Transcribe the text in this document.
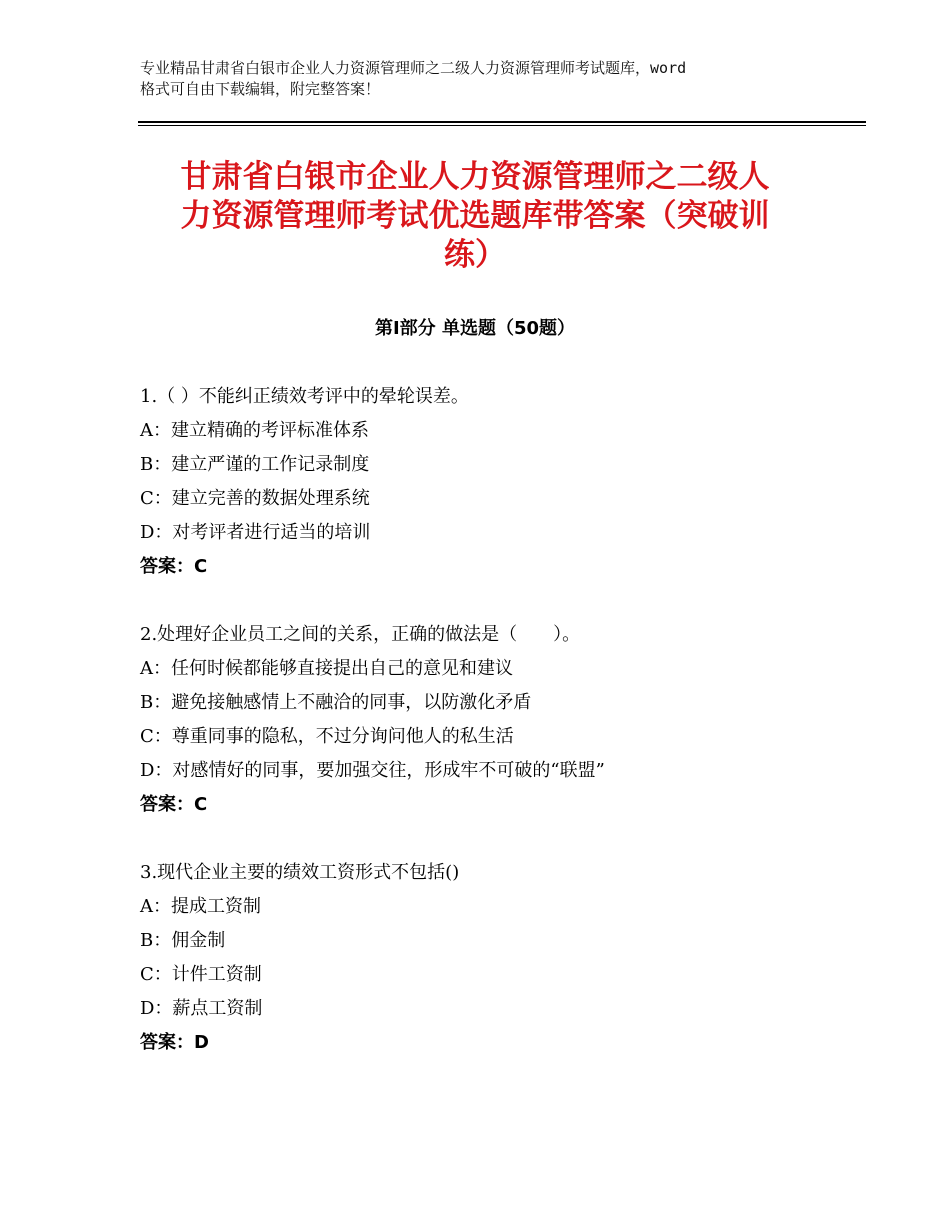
专业精品甘肃省白银市企业人力资源管理师之二级人力资源管理师考试题库，word
格式可自由下载编辑，附完整答案！
甘肃省白银市企业人力资源管理师之二级人
力资源管理师考试优选题库带答案（突破训
练）
第Ⅰ部分 单选题（50题）
1.（ ）不能纠正绩效考评中的晕轮误差。
A：建立精确的考评标准体系
B：建立严谨的工作记录制度
C：建立完善的数据处理系统
D：对考评者进行适当的培训
答案：C
2.处理好企业员工之间的关系，正确的做法是（　　）。
A：任何时候都能够直接提出自己的意见和建议
B：避免接触感情上不融洽的同事，以防激化矛盾
C：尊重同事的隐私，不过分询问他人的私生活
D：对感情好的同事，要加强交往，形成牢不可破的“联盟”
答案：C
3.现代企业主要的绩效工资形式不包括()
A：提成工资制
B：佣金制
C：计件工资制
D：薪点工资制
答案：D
